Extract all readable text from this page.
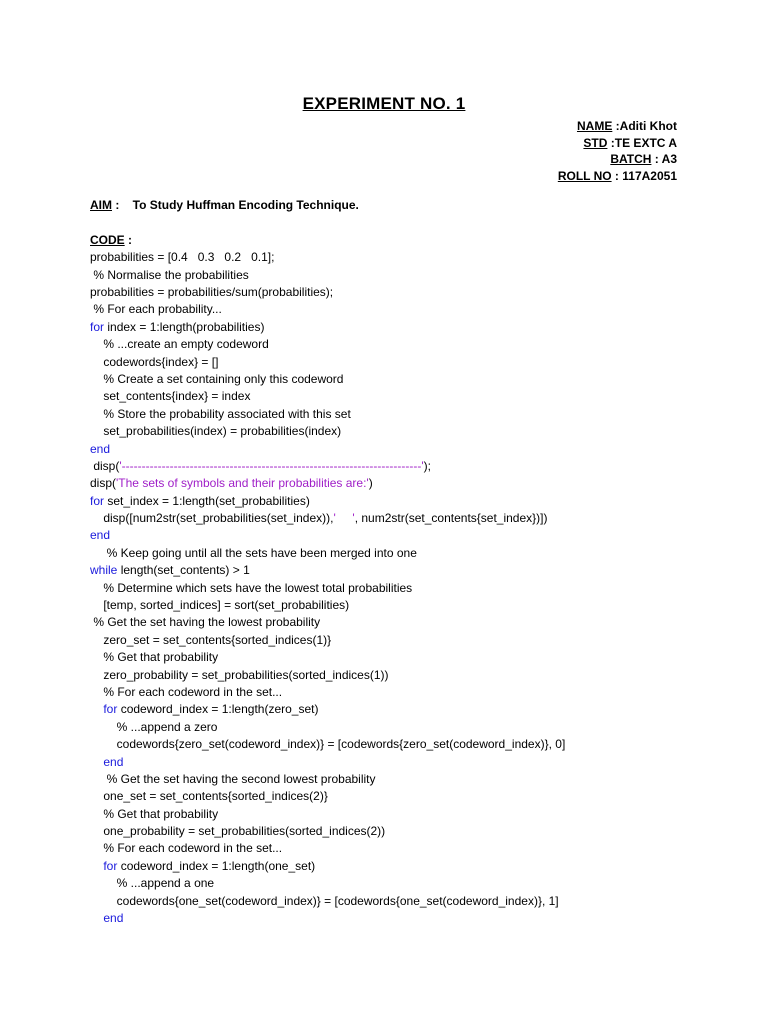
EXPERIMENT NO. 1
NAME :Aditi Khot
STD :TE EXTC A
BATCH : A3
ROLL NO : 117A2051
AIM :    To Study Huffman Encoding Technique.
CODE :
probabilities = [0.4   0.3   0.2   0.1];
% Normalise the probabilities
probabilities = probabilities/sum(probabilities);
% For each probability...
for index = 1:length(probabilities)
% ...create an empty codeword
codewords{index} = []
% Create a set containing only this codeword
set_contents{index} = index
% Store the probability associated with this set
set_probabilities(index) = probabilities(index)
end
disp('---------------------------------------------------------------------------');
disp('The sets of symbols and their probabilities are:')
for set_index = 1:length(set_probabilities)
disp([num2str(set_probabilities(set_index)),'     ', num2str(set_contents{set_index})])
end
% Keep going until all the sets have been merged into one
while length(set_contents) > 1
% Determine which sets have the lowest total probabilities
[temp, sorted_indices] = sort(set_probabilities)
% Get the set having the lowest probability
zero_set = set_contents{sorted_indices(1)}
% Get that probability
zero_probability = set_probabilities(sorted_indices(1))
% For each codeword in the set...
for codeword_index = 1:length(zero_set)
% ...append a zero
codewords{zero_set(codeword_index)} = [codewords{zero_set(codeword_index)}, 0]
end
% Get the set having the second lowest probability
one_set = set_contents{sorted_indices(2)}
% Get that probability
one_probability = set_probabilities(sorted_indices(2))
% For each codeword in the set...
for codeword_index = 1:length(one_set)
% ...append a one
codewords{one_set(codeword_index)} = [codewords{one_set(codeword_index)}, 1]
end
